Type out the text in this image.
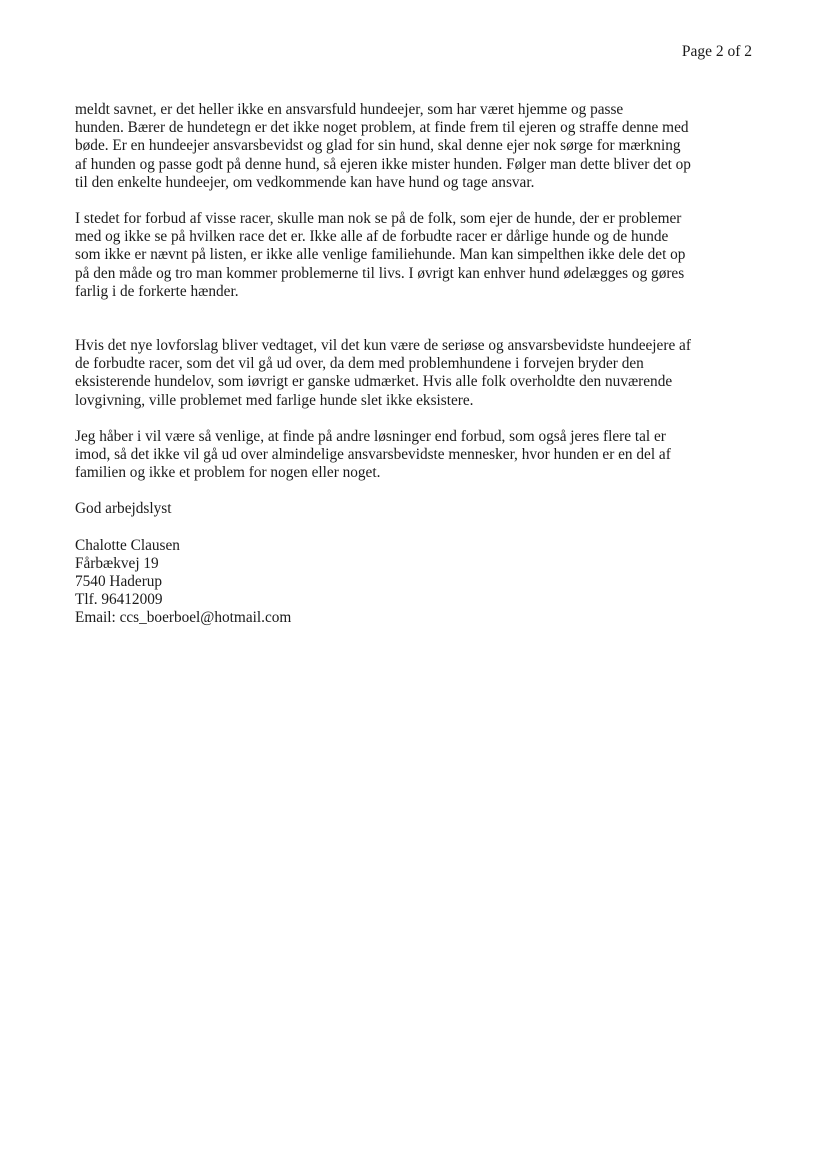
Page 2 of 2
meldt savnet, er det heller ikke en ansvarsfuld hundeejer, som har været hjemme og passe
hunden. Bærer de hundetegn er det ikke noget problem, at finde frem til ejeren og straffe denne med
bøde. Er en hundeejer ansvarsbevidst og glad for sin hund, skal denne ejer nok sørge for mærkning
af hunden og passe godt på denne hund, så ejeren ikke mister hunden. Følger man dette bliver det op
til den enkelte hundeejer, om vedkommende kan have hund og tage ansvar.
I stedet for forbud af visse racer, skulle man nok se på de folk, som ejer de hunde, der er problemer
med og ikke se på hvilken race det er. Ikke alle af de forbudte racer er dårlige hunde og de hunde
som ikke er nævnt på listen, er ikke alle venlige familiehunde. Man kan simpelthen ikke dele det op
på den måde og tro man kommer problemerne til livs. I øvrigt kan enhver hund ødelægges og gøres
farlig i de forkerte hænder.
Hvis det nye lovforslag bliver vedtaget, vil det kun være de seriøse og ansvarsbevidste hundeejere af
de forbudte racer, som det vil gå ud over, da dem med problemhundene i forvejen bryder den
eksisterende hundelov, som iøvrigt er ganske udmærket. Hvis alle folk overholdte den nuværende
lovgivning, ville problemet med farlige hunde slet ikke eksistere.
Jeg håber i vil være så venlige, at finde på andre løsninger end forbud, som også jeres flere tal er
imod, så det ikke vil gå ud over almindelige ansvarsbevidste mennesker, hvor hunden er en del af
familien og ikke et problem for nogen eller noget.
God arbejdslyst
Chalotte Clausen
Fårbækvej 19
7540 Haderup
Tlf. 96412009
Email: ccs_boerboel@hotmail.com
